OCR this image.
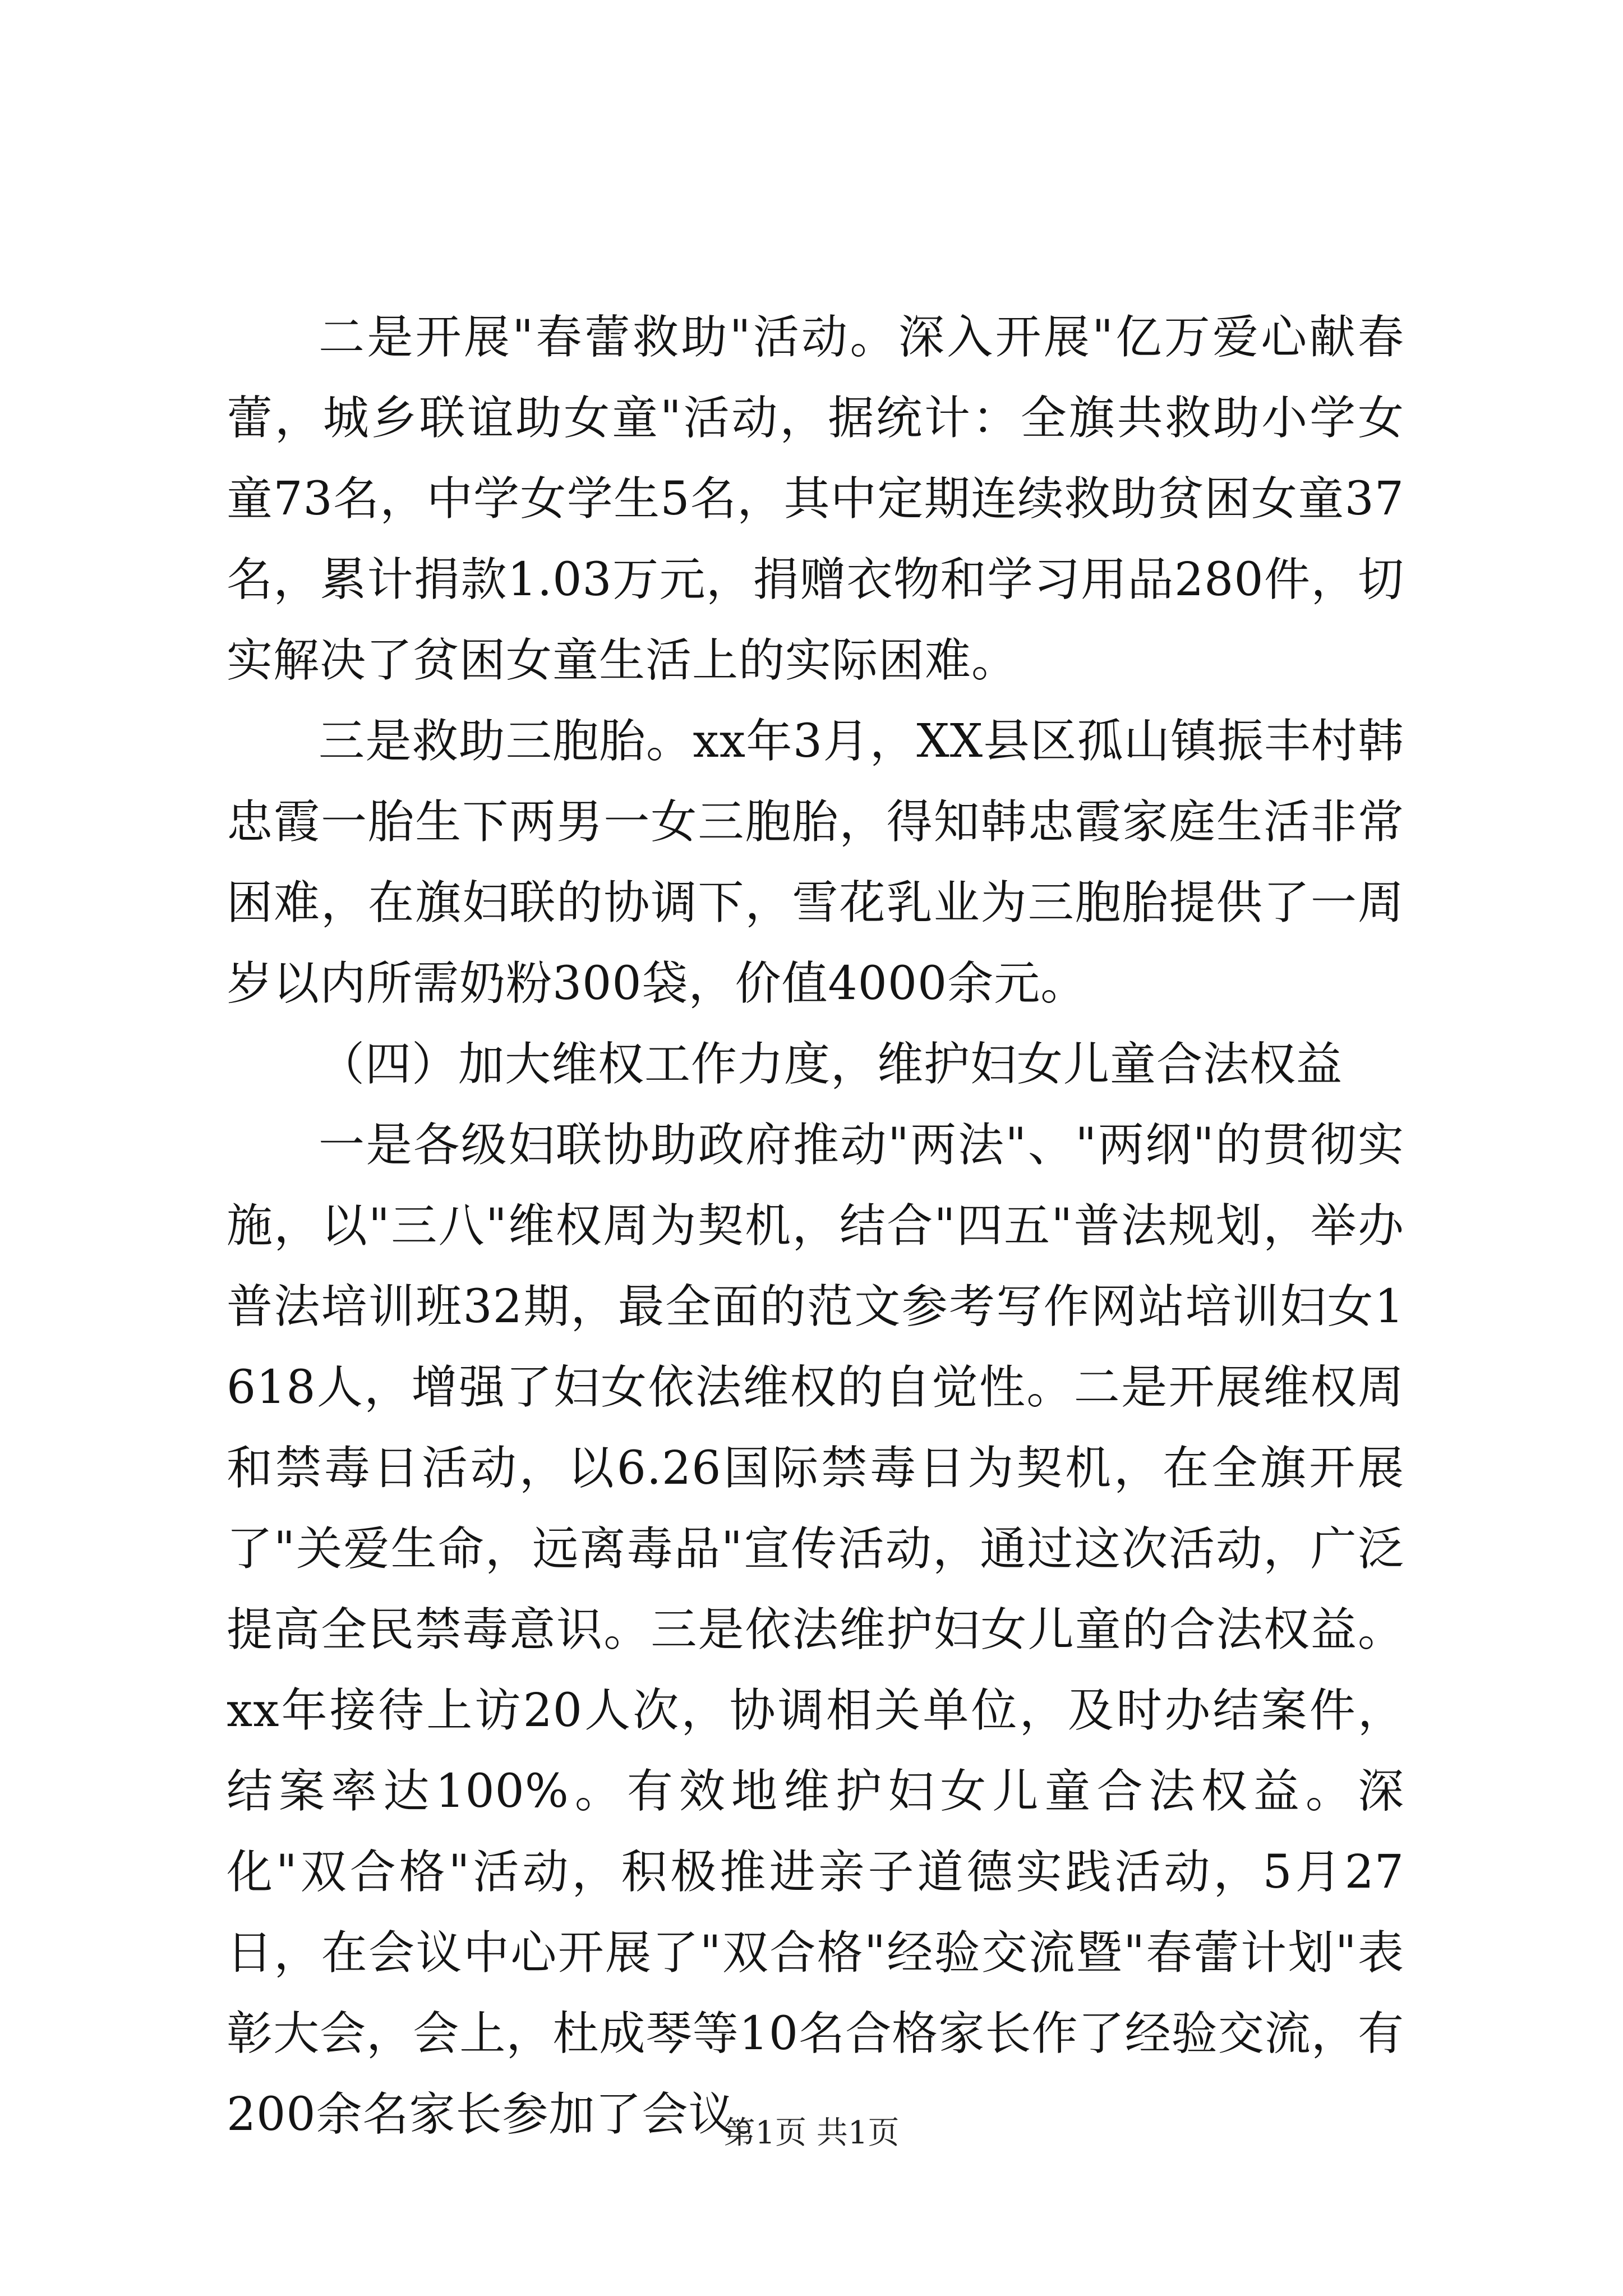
二是开展"春蕾救助"活动。深入开展"亿万爱心献春蕾，城乡联谊助女童"活动，据统计：全旗共救助小学女童73名，中学女学生5名，其中定期连续救助贫困女童37名，累计捐款1.03万元，捐赠衣物和学习用品280件，切实解决了贫困女童生活上的实际困难。

三是救助三胞胎。xx年3月，XX县区孤山镇振丰村韩忠霞一胎生下两男一女三胞胎，得知韩忠霞家庭生活非常困难，在旗妇联的协调下，雪花乳业为三胞胎提供了一周岁以内所需奶粉300袋，价值4000余元。

（四）加大维权工作力度，维护妇女儿童合法权益

一是各级妇联协助政府推动"两法"、"两纲"的贯彻实施，以"三八"维权周为契机，结合"四五"普法规划，举办普法培训班32期，最全面的范文参考写作网站培训妇女1618人，增强了妇女依法维权的自觉性。二是开展维权周和禁毒日活动，以6.26国际禁毒日为契机，在全旗开展了"关爱生命，远离毒品"宣传活动，通过这次活动，广泛提高全民禁毒意识。三是依法维护妇女儿童的合法权益。xx年接待上访20人次，协调相关单位，及时办结案件，结案率达100%。有效地维护妇女儿童合法权益。深化"双合格"活动，积极推进亲子道德实践活动，5月27日，在会议中心开展了"双合格"经验交流暨"春蕾计划"表彰大会，会上，杜成琴等10名合格家长作了经验交流，有200余名家长参加了会议。

第1页 共1页
